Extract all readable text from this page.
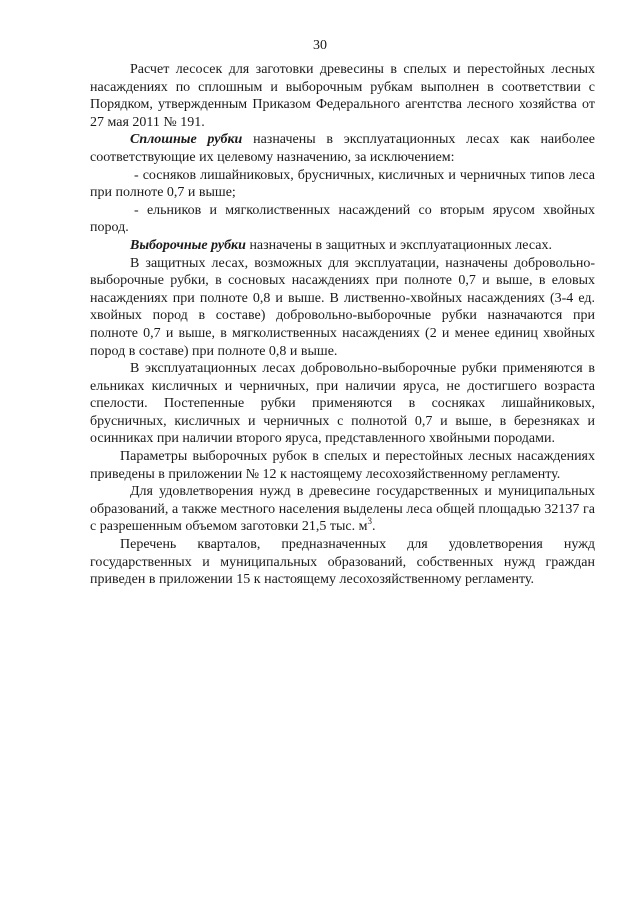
30

Расчет лесосек для заготовки древесины в спелых и перестойных лесных насаждениях по сплошным и выборочным рубкам выполнен в соответствии с Порядком, утвержденным Приказом Федерального агентства лесного хозяйства от 27 мая 2011 № 191.

Сплошные рубки назначены в эксплуатационных лесах как наиболее соответствующие их целевому назначению, за исключением:

- сосняков лишайниковых, брусничных, кисличных и черничных типов леса при полноте 0,7 и выше;

- ельников и мягколиственных насаждений со вторым ярусом хвойных пород.

Выборочные рубки назначены в защитных и эксплуатационных лесах.

В защитных лесах, возможных для эксплуатации, назначены добровольно-выборочные рубки, в сосновых насаждениях при полноте 0,7 и выше, в еловых насаждениях при полноте 0,8 и выше. В лиственно-хвойных насаждениях (3-4 ед. хвойных пород в составе) добровольно-выборочные рубки назначаются при полноте 0,7 и выше, в мягколиственных насаждениях (2 и менее единиц хвойных пород в составе) при полноте 0,8 и выше.

В эксплуатационных лесах добровольно-выборочные рубки применяются в ельниках кисличных и черничных, при наличии яруса, не достигшего возраста спелости. Постепенные рубки применяются в сосняках лишайниковых, брусничных, кисличных и черничных с полнотой 0,7 и выше, в березняках и осинниках при наличии второго яруса, представленного хвойными породами.

Параметры выборочных рубок в спелых и перестойных лесных насаждениях приведены в приложении № 12 к настоящему лесохозяйственному регламенту.

Для удовлетворения нужд в древесине государственных и муниципальных образований, а также местного населения выделены леса общей площадью 32137 га с разрешенным объемом заготовки 21,5 тыс. $м^3$.

Перечень кварталов, предназначенных для удовлетворения нужд государственных и муниципальных образований, собственных нужд граждан приведен в приложении 15 к настоящему лесохозяйственному регламенту.
